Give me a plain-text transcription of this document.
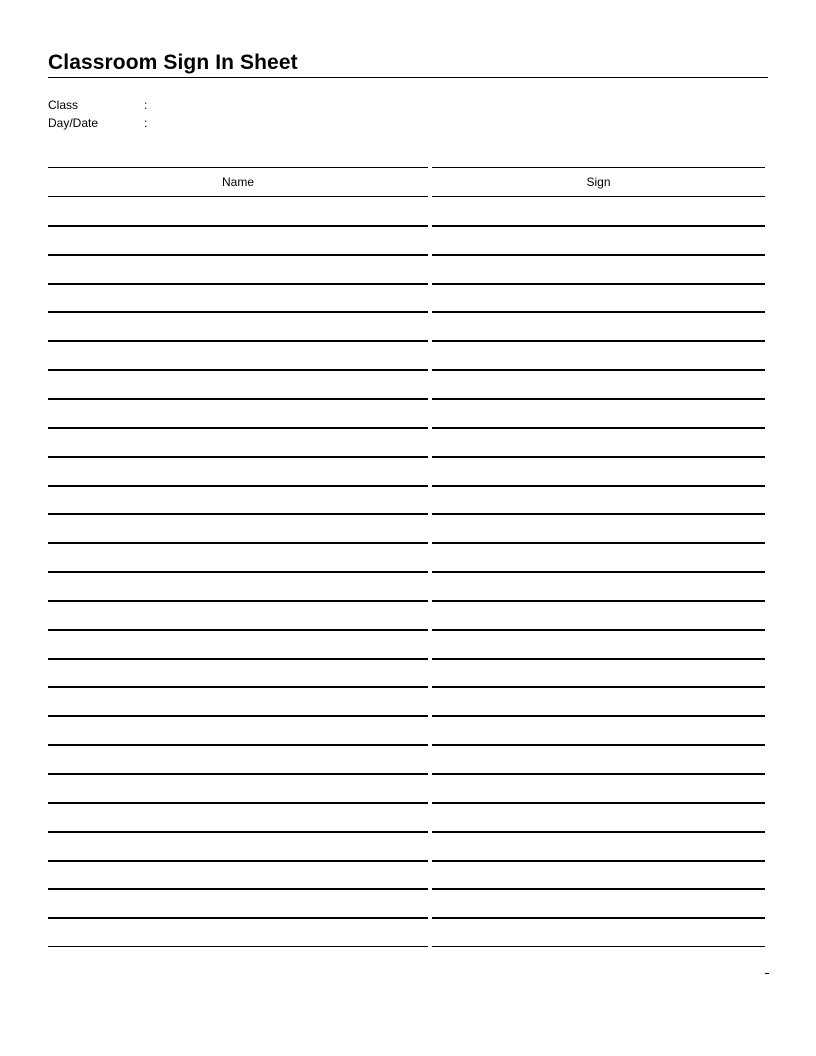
Classroom Sign In Sheet
Class	:
Day/Date	:
Name	Sign
